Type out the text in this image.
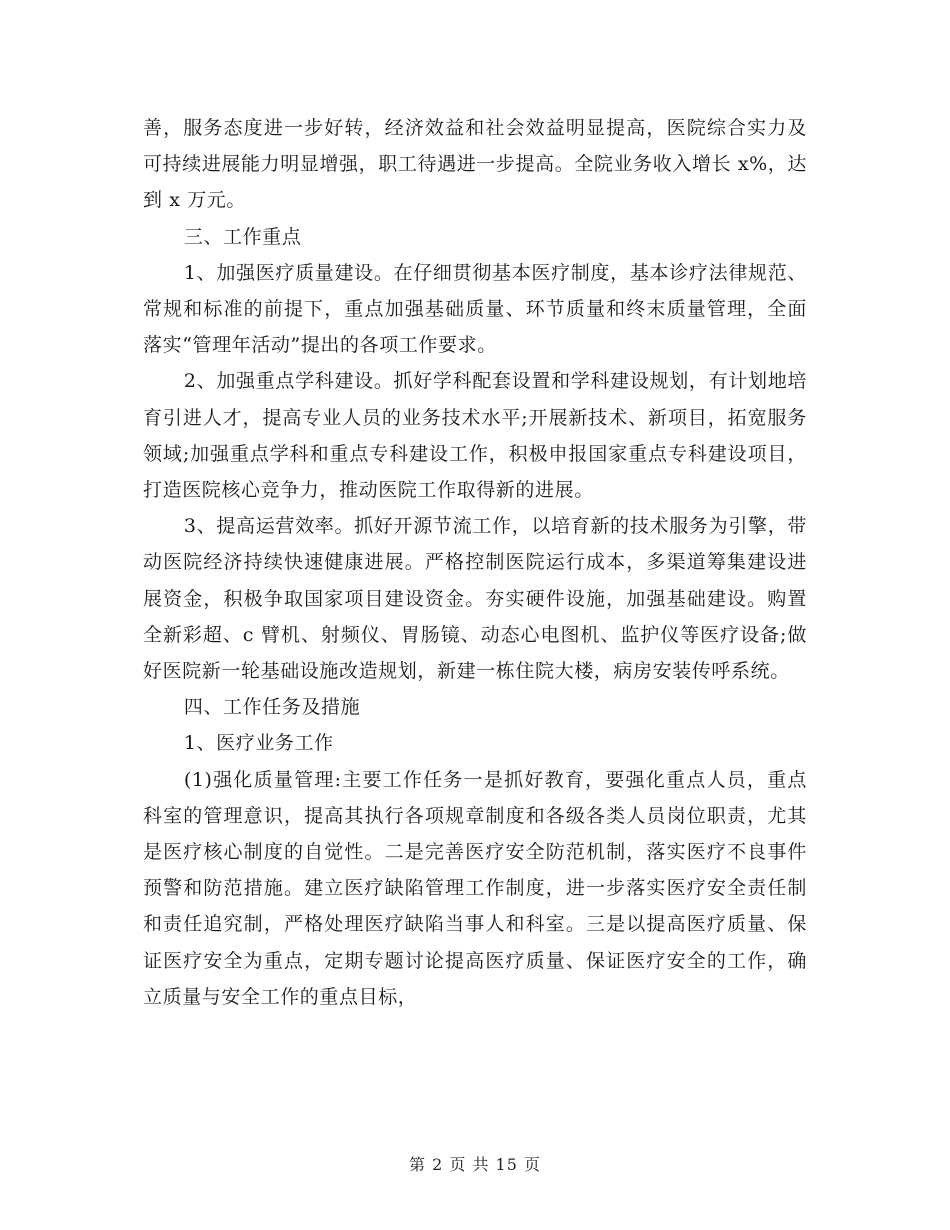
善，服务态度进一步好转，经济效益和社会效益明显提高，医院综合实力及可持续进展能力明显增强，职工待遇进一步提高。全院业务收入增长 x%，达到 x 万元。

三、工作重点

1、加强医疗质量建设。在仔细贯彻基本医疗制度，基本诊疗法律规范、常规和标准的前提下，重点加强基础质量、环节质量和终末质量管理，全面落实“管理年活动”提出的各项工作要求。

2、加强重点学科建设。抓好学科配套设置和学科建设规划，有计划地培育引进人才，提高专业人员的业务技术水平;开展新技术、新项目，拓宽服务领域;加强重点学科和重点专科建设工作，积极申报国家重点专科建设项目，打造医院核心竞争力，推动医院工作取得新的进展。

3、提高运营效率。抓好开源节流工作，以培育新的技术服务为引擎，带动医院经济持续快速健康进展。严格控制医院运行成本，多渠道筹集建设进展资金，积极争取国家项目建设资金。夯实硬件设施，加强基础建设。购置全新彩超、c 臂机、射频仪、胃肠镜、动态心电图机、监护仪等医疗设备;做好医院新一轮基础设施改造规划，新建一栋住院大楼，病房安装传呼系统。

四、工作任务及措施

1、医疗业务工作

(1)强化质量管理:主要工作任务一是抓好教育，要强化重点人员，重点科室的管理意识，提高其执行各项规章制度和各级各类人员岗位职责，尤其是医疗核心制度的自觉性。二是完善医疗安全防范机制，落实医疗不良事件预警和防范措施。建立医疗缺陷管理工作制度，进一步落实医疗安全责任制和责任追究制，严格处理医疗缺陷当事人和科室。三是以提高医疗质量、保证医疗安全为重点，定期专题讨论提高医疗质量、保证医疗安全的工作，确立质量与安全工作的重点目标，

第 2 页 共 15 页
